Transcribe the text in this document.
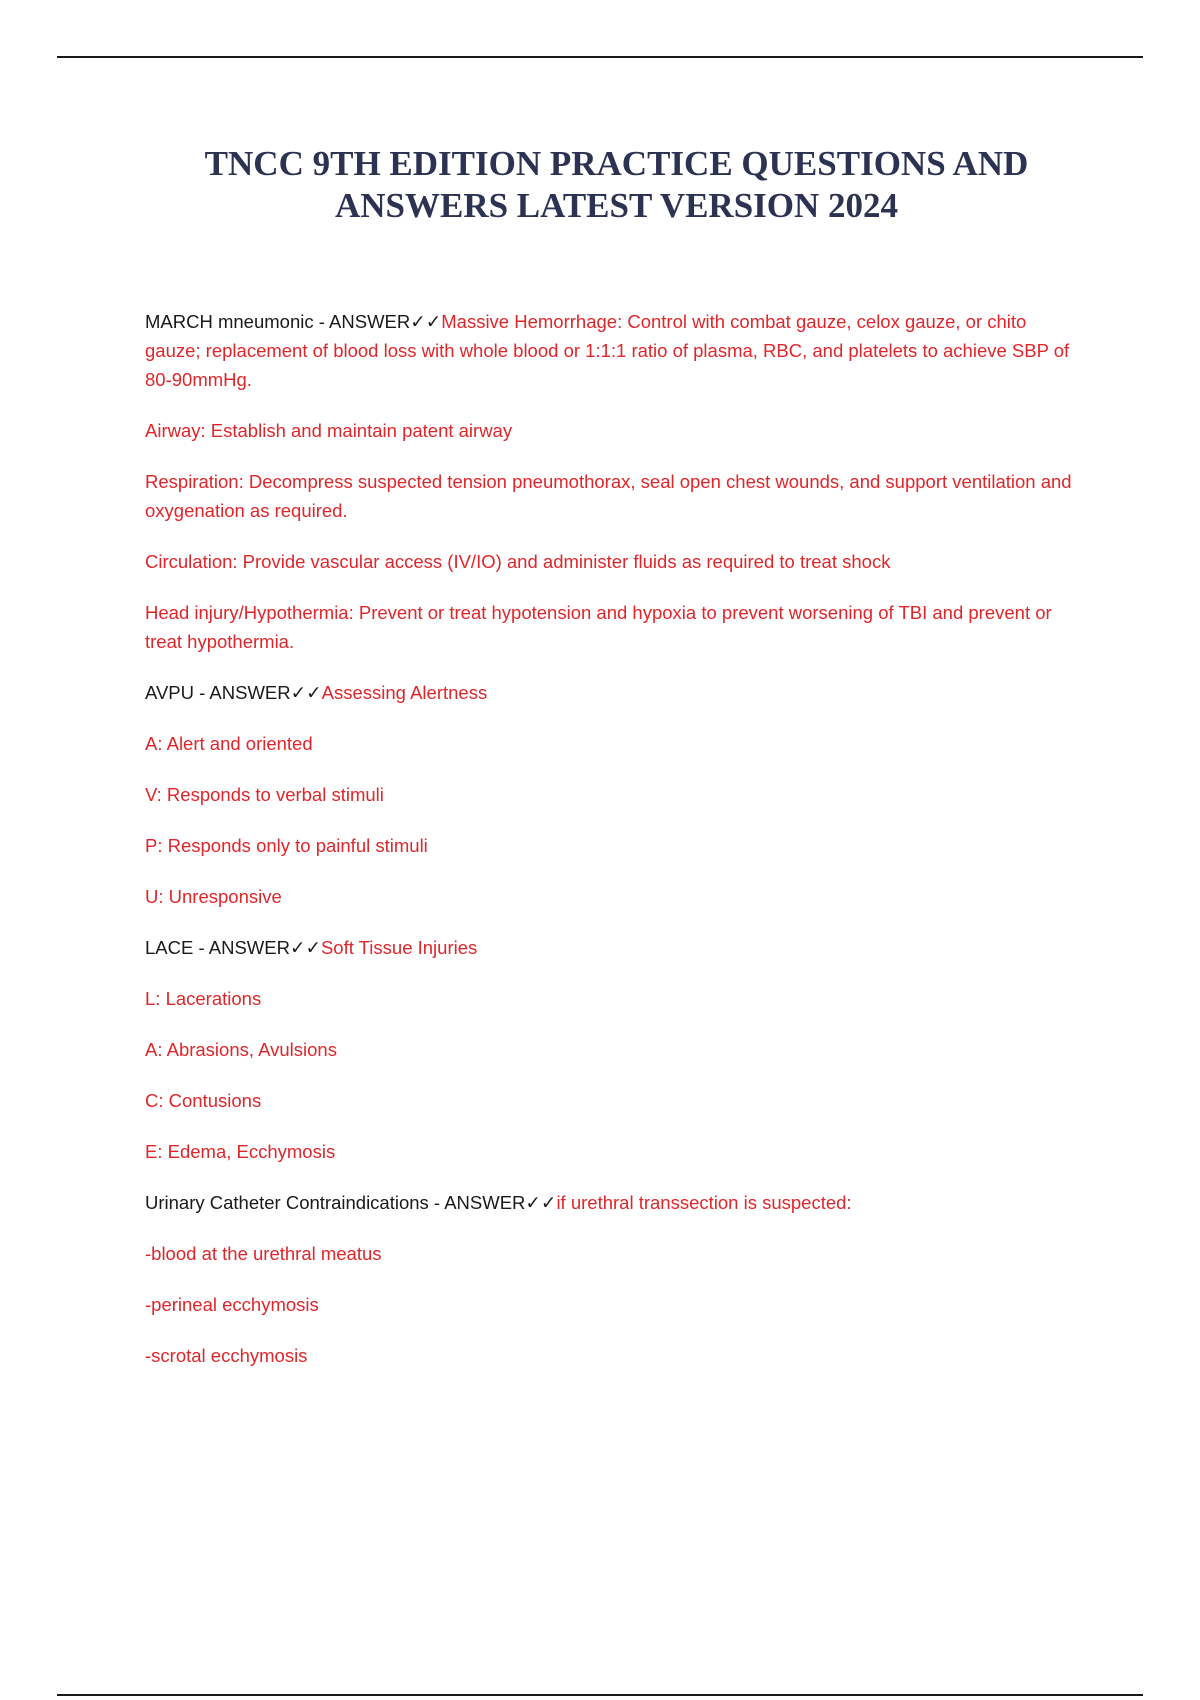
TNCC 9TH EDITION PRACTICE QUESTIONS AND
ANSWERS LATEST VERSION 2024

MARCH mneumonic - ANSWER✓✓Massive Hemorrhage: Control with combat gauze, celox gauze, or chito gauze; replacement of blood loss with whole blood or 1:1:1 ratio of plasma, RBC, and platelets to achieve SBP of 80-90mmHg.

Airway: Establish and maintain patent airway

Respiration: Decompress suspected tension pneumothorax, seal open chest wounds, and support ventilation and oxygenation as required.

Circulation: Provide vascular access (IV/IO) and administer fluids as required to treat shock

Head injury/Hypothermia: Prevent or treat hypotension and hypoxia to prevent worsening of TBI and prevent or treat hypothermia.

AVPU - ANSWER✓✓Assessing Alertness

A: Alert and oriented

V: Responds to verbal stimuli

P: Responds only to painful stimuli

U: Unresponsive

LACE - ANSWER✓✓Soft Tissue Injuries

L: Lacerations

A: Abrasions, Avulsions

C: Contusions

E: Edema, Ecchymosis

Urinary Catheter Contraindications - ANSWER✓✓if urethral transsection is suspected:

-blood at the urethral meatus

-perineal ecchymosis

-scrotal ecchymosis
